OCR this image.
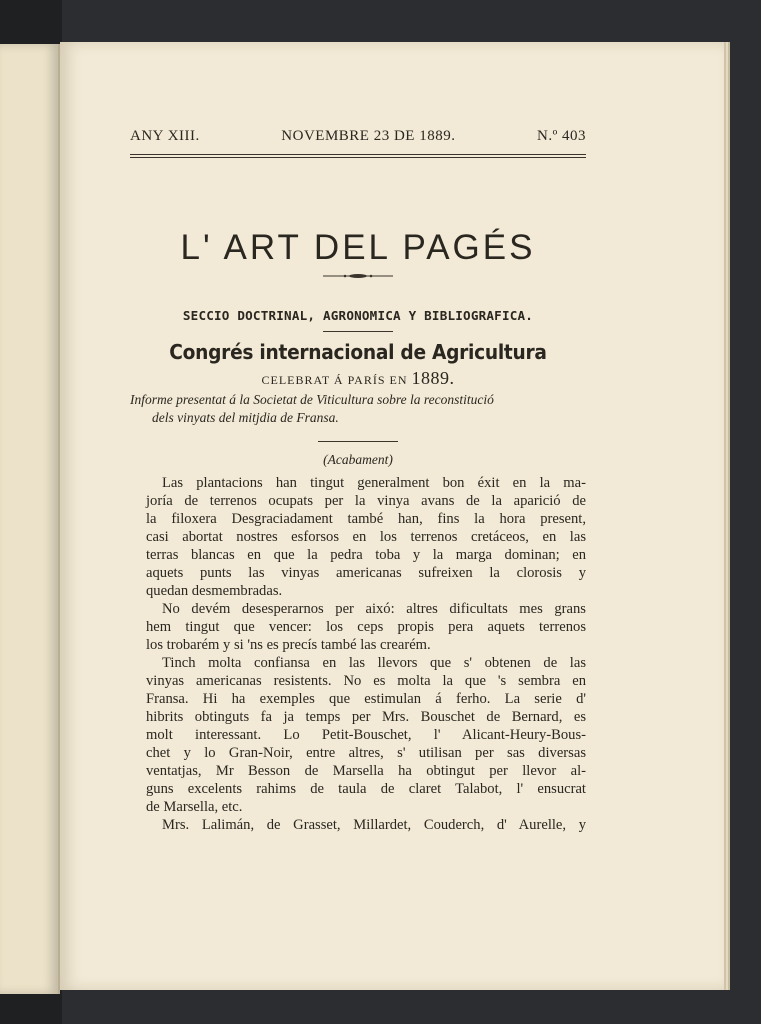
ANY XIII.	NOVEMBRE 23 DE 1889.	N.º 403
L' ART DEL PAGÉS
SECCIO DOCTRINAL, AGRONOMICA Y BIBLIOGRAFICA.
Congrés internacional de Agricultura
CELEBRAT Á PARÍS EN 1889.
Informe presentat á la Societat de Viticultura sobre la reconstitució
dels vinyats del mitjdia de Fransa.
(Acabament)

Las plantacions han tingut generalment bon éxit en la ma-
joría de terrenos ocupats per la vinya avans de la aparició de
la filoxera Desgraciadament també han, fins la hora present,
casi abortat nostres esforsos en los terrenos cretáceos, en las
terras blancas en que la pedra toba y la marga dominan; en
aquets punts las vinyas americanas sufreixen la clorosis y
quedan desmembradas.

No devém desesperarnos per aixó: altres dificultats mes grans
hem tingut que vencer: los ceps propis pera aquets terrenos
los trobarém y si 'ns es precís també las crearém.

Tinch molta confiansa en las llevors que s' obtenen de las
vinyas americanas resistents. No es molta la que 's sembra en
Fransa. Hi ha exemples que estimulan á ferho. La serie d'
hibrits obtinguts fa ja temps per Mrs. Bouschet de Bernard, es
molt interessant. Lo Petit-Bouschet, l' Alicant-Heury-Bous-
chet y lo Gran-Noir, entre altres, s' utilisan per sas diversas
ventatjas, Mr Besson de Marsella ha obtingut per llevor al-
guns excelents rahims de taula de claret Talabot, l' ensucrat
de Marsella, etc.

Mrs. Lalimán, de Grasset, Millardet, Couderch, d' Aurelle, y
